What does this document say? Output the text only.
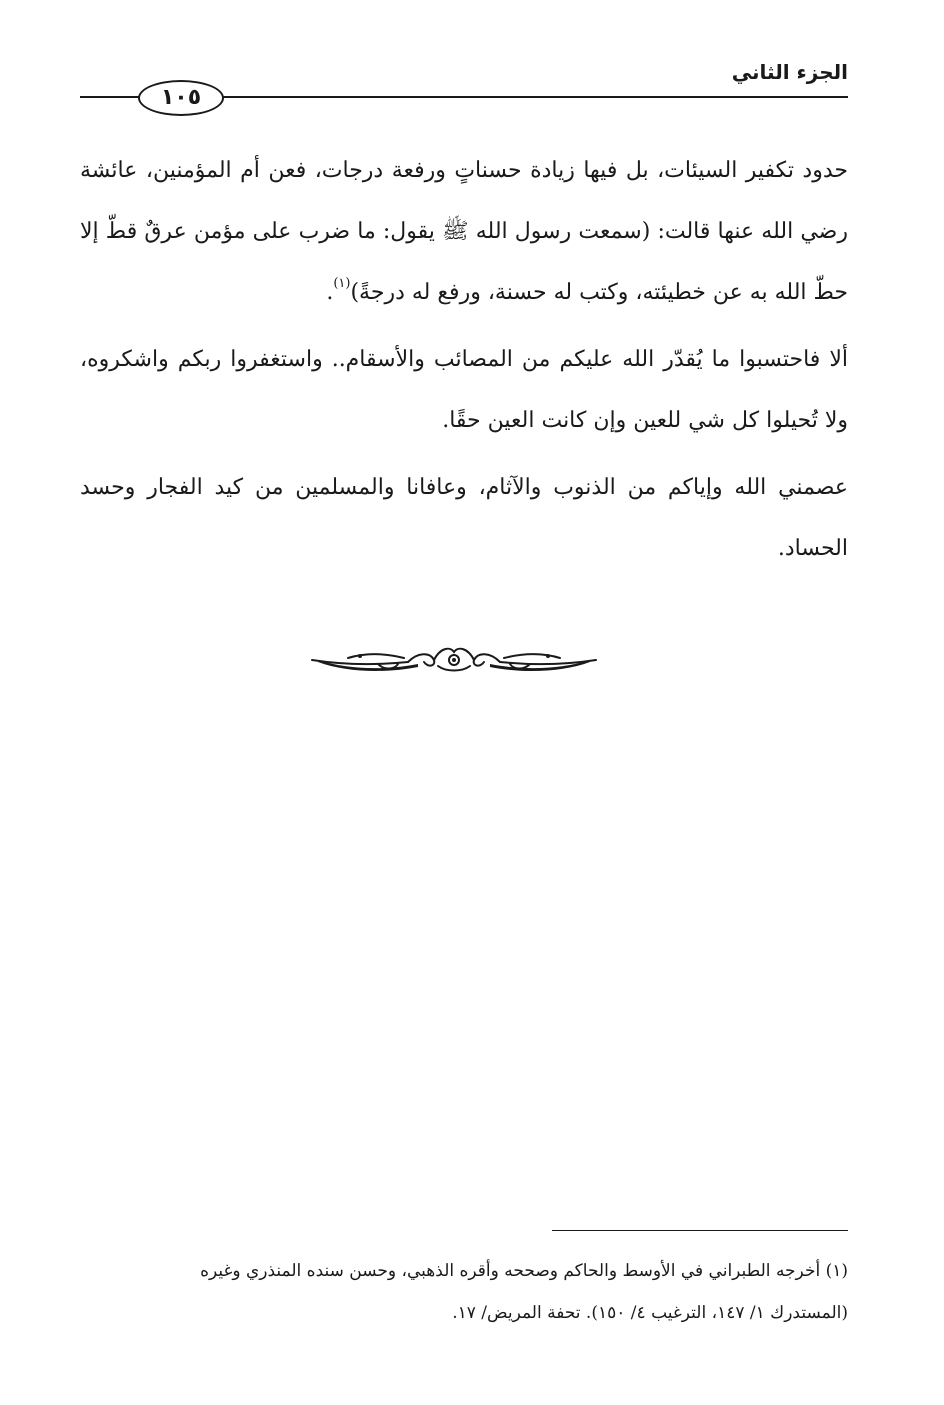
الجزء الثاني
١٠٥

حدود تكفير السيئات، بل فيها زيادة حسناتٍ ورفعة درجات، فعن أم المؤمنين، عائشة رضي الله عنها قالت: (سمعت رسول الله ﷺ يقول: ما ضرب على مؤمن عرقٌ قطّ إلا حطّ الله به عن خطيئته، وكتب له حسنة، ورفع له درجةً)$^{(١)}$.

ألا فاحتسبوا ما يُقدّر الله عليكم من المصائب والأسقام.. واستغفروا ربكم واشكروه، ولا تُحيلوا كل شي للعين وإن كانت العين حقًا.

عصمني الله وإياكم من الذنوب والآثام، وعافانا والمسلمين من كيد الفجار وحسد الحساد.

(١) أخرجه الطبراني في الأوسط والحاكم وصححه وأقره الذهبي، وحسن سنده المنذري وغيره

(المستدرك ١/ ١٤٧، الترغيب ٤/ ١٥٠). تحفة المريض/ ١٧.
